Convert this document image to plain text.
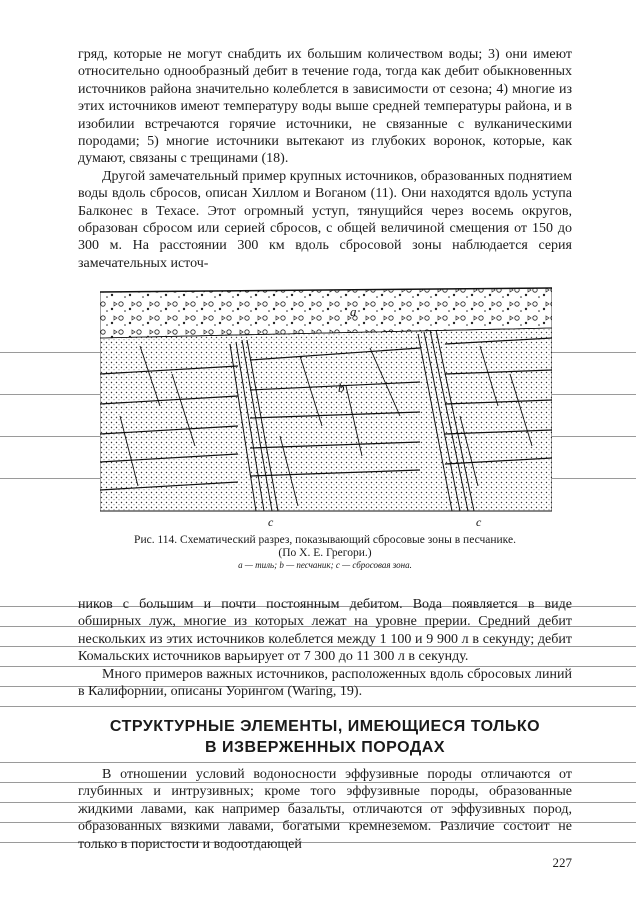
гряд, которые не могут снабдить их большим количеством воды; 3) они имеют относительно однообразный дебит в течение года, тогда как дебит обыкновенных источников района значительно колеблется в зависимости от сезона; 4) многие из этих источников имеют температуру воды выше средней температуры района, и в изобилии встречаются горячие источники, не связанные с вулканическими породами; 5) многие источники вытекают из глубоких воронок, которые, как думают, связаны с трещинами (18).

Другой замечательный пример крупных источников, образованных поднятием воды вдоль сбросов, описан Хиллом и Воганом (11). Они находятся вдоль уступа Балконес в Техасе. Этот огромный уступ, тянущийся через восемь округов, образован сбросом или серией сбросов, с общей величиной смещения от 150 до 300 м. На расстоянии 300 км вдоль сбросовой зоны наблюдается серия замечательных источ-

a
b
c	c

Рис. 114. Схематический разрез, показывающий сбросовые зоны в песчанике.

(По Х. Е. Грегори.)

a — тиль; b — песчаник; c — сбросовая зона.

ников с большим и почти постоянным дебитом. Вода появляется в виде обширных луж, многие из которых лежат на уровне прерии. Средний дебит нескольких из этих источников колеблется между 1 100 и 9 900 л в секунду; дебит Комальских источников варьирует от 7 300 до 11 300 л в секунду.

Много примеров важных источников, расположенных вдоль сбросовых линий в Калифорнии, описаны Уорингом (Waring, 19).

СТРУКТУРНЫЕ ЭЛЕМЕНТЫ, ИМЕЮЩИЕСЯ ТОЛЬКО
В ИЗВЕРЖЕННЫХ ПОРОДАХ

В отношении условий водоносности эффузивные породы отличаются от глубинных и интрузивных; кроме того эффузивные породы, образованные жидкими лавами, как например базальты, отличаются от эффузивных пород, образованных вязкими лавами, богатыми кремнеземом. Различие состоит не только в пористости и водоотдающей

227
